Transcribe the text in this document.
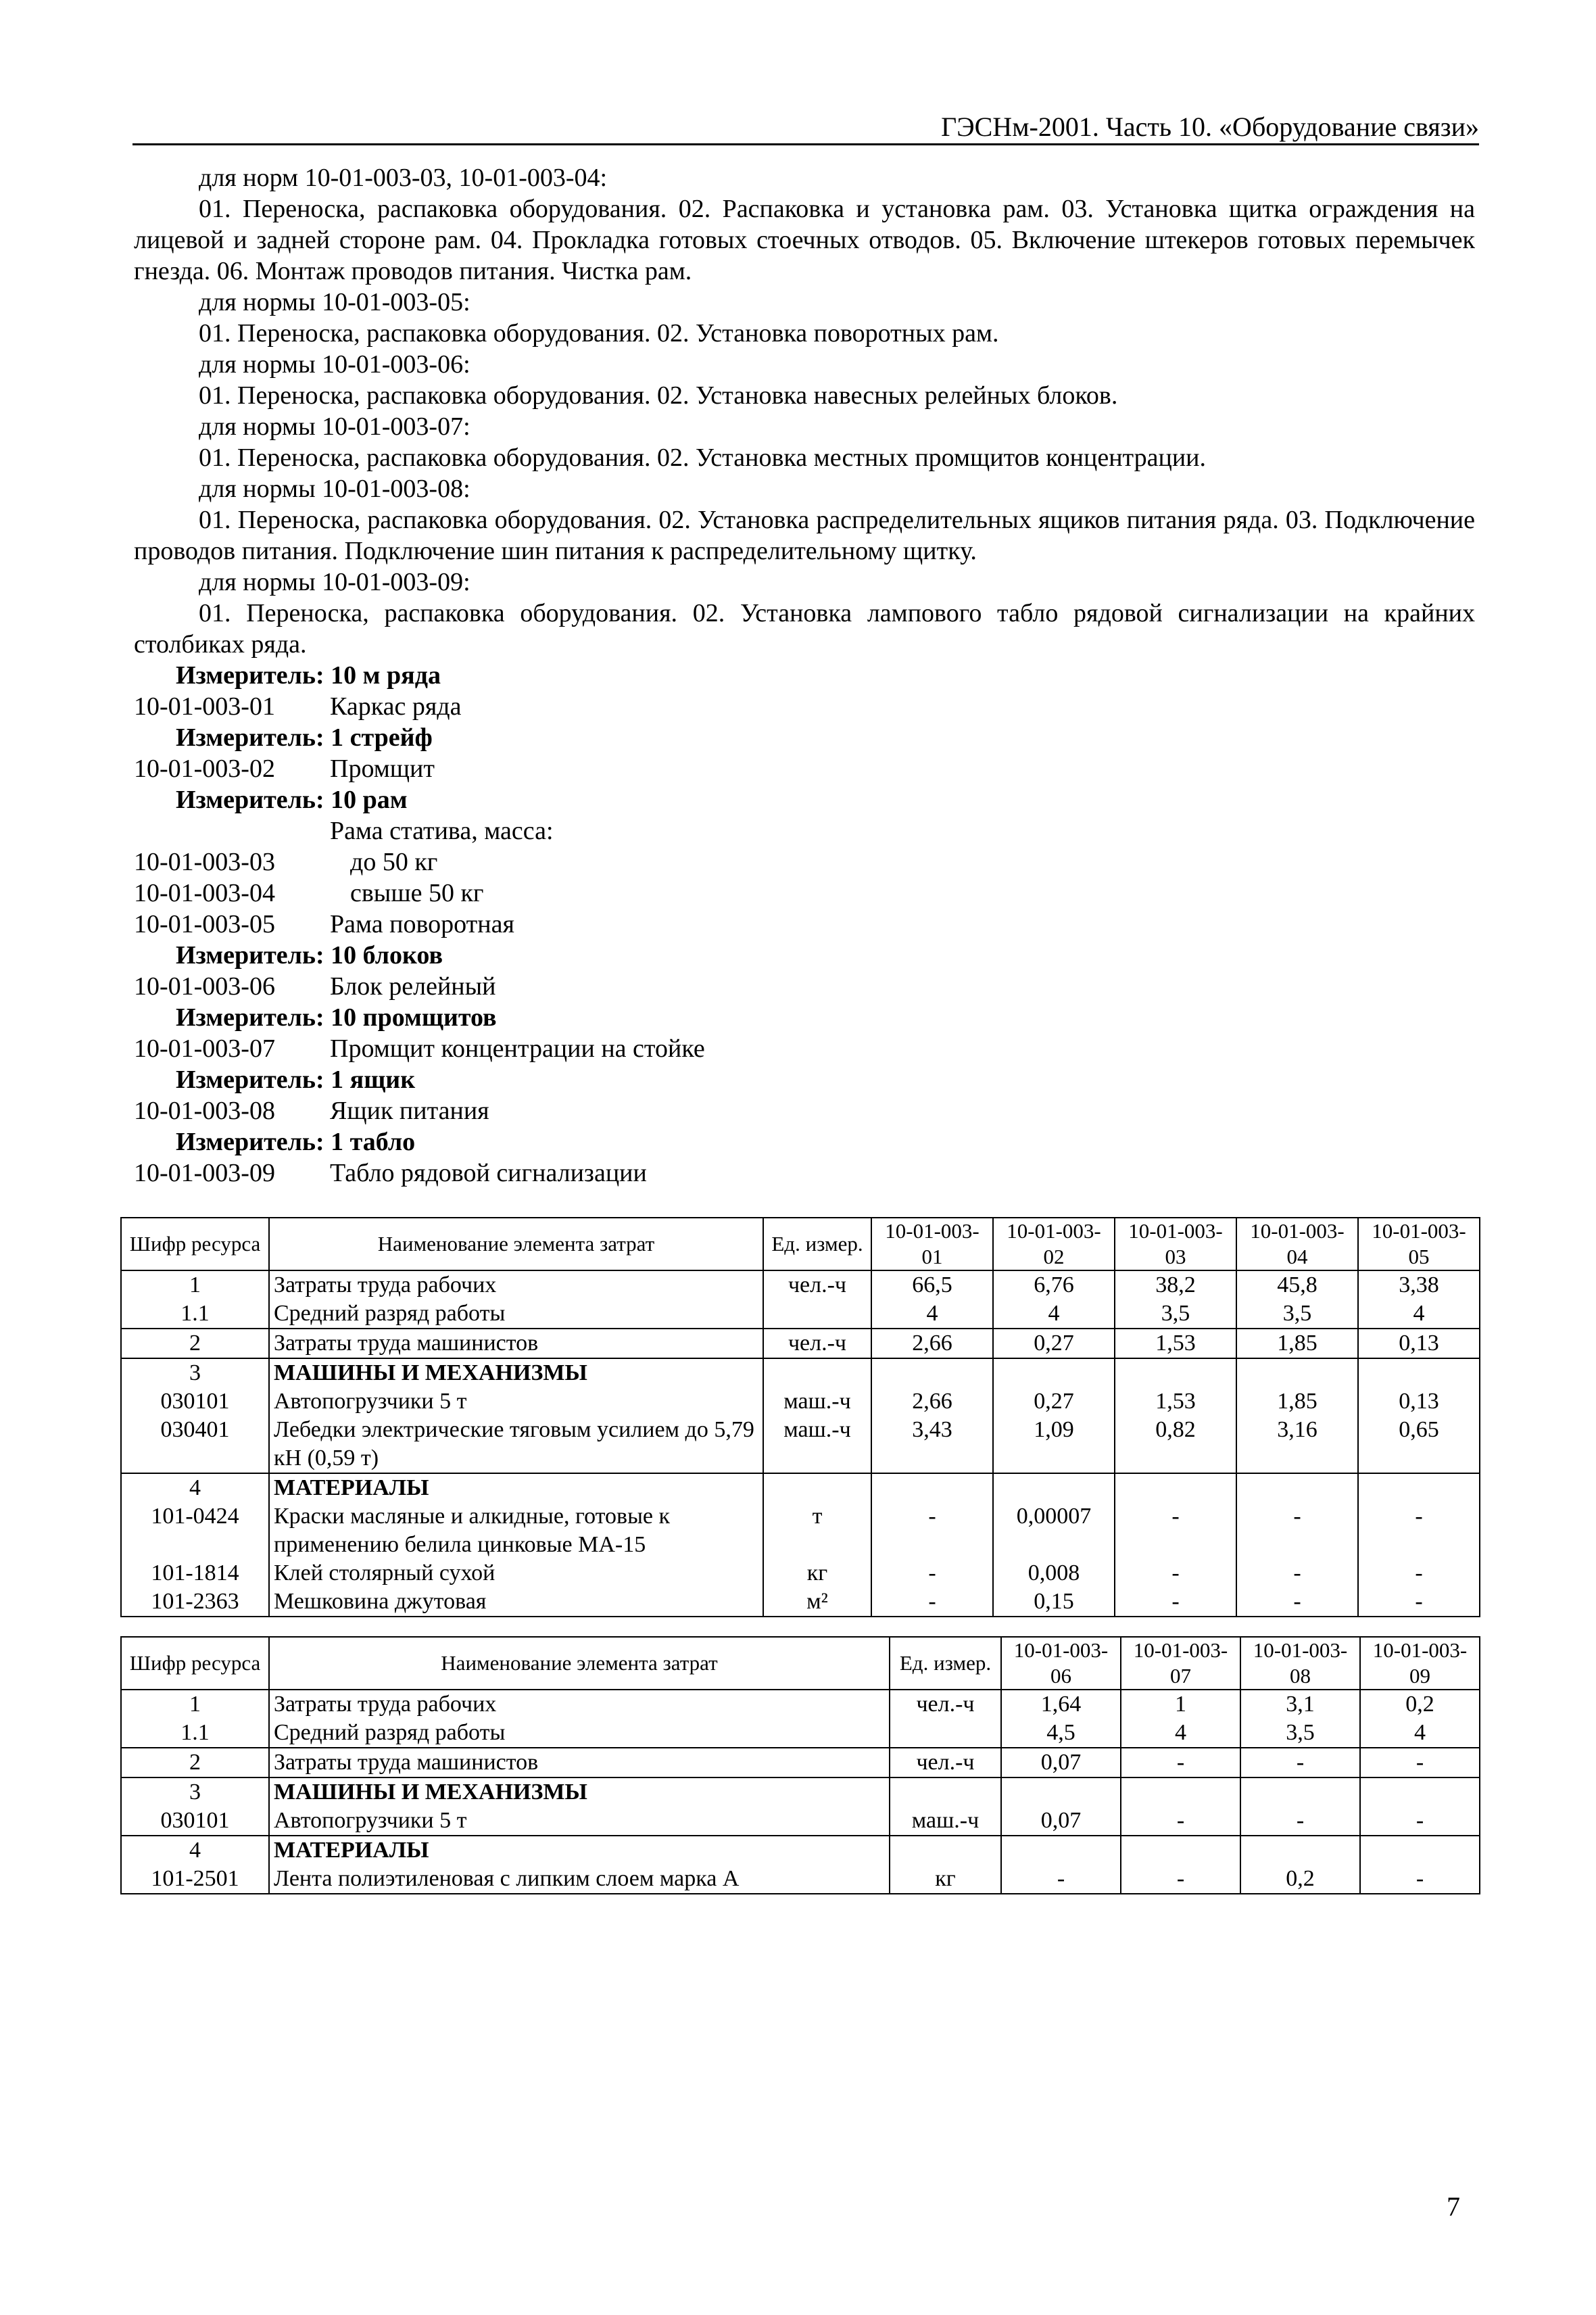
ГЭСНм-2001. Часть 10. «Оборудование связи»
для норм 10-01-003-03, 10-01-003-04:
01. Переноска, распаковка оборудования. 02. Распаковка и установка рам. 03. Установка щитка ограждения на лицевой и задней стороне рам. 04. Прокладка готовых стоечных отводов. 05. Включение штекеров готовых перемычек гнезда. 06. Монтаж проводов питания. Чистка рам.
для нормы 10-01-003-05:
01. Переноска, распаковка оборудования. 02. Установка поворотных рам.
для нормы 10-01-003-06:
01. Переноска, распаковка оборудования. 02. Установка навесных релейных блоков.
для нормы 10-01-003-07:
01. Переноска, распаковка оборудования. 02. Установка местных промщитов концентрации.
для нормы 10-01-003-08:
01. Переноска, распаковка оборудования. 02. Установка распределительных ящиков питания ряда. 03. Подключение проводов питания. Подключение шин питания к распределительному щитку.
для нормы 10-01-003-09:
01. Переноска, распаковка оборудования. 02. Установка лампового табло рядовой сигнализации на крайних столбиках ряда.
Измеритель: 10 м ряда
10-01-003-01	Каркас ряда
Измеритель: 1 стрейф
10-01-003-02	Промщит
Измеритель: 10 рам
Рама статива, масса:
10-01-003-03	до 50 кг
10-01-003-04	свыше 50 кг
10-01-003-05	Рама поворотная
Измеритель: 10 блоков
10-01-003-06	Блок релейный
Измеритель: 10 промщитов
10-01-003-07	Промщит концентрации на стойке
Измеритель: 1 ящик
10-01-003-08	Ящик питания
Измеритель: 1 табло
10-01-003-09	Табло рядовой сигнализации
Шифр ресурса	Наименование элемента затрат	Ед. измер.	10-01-003-01	10-01-003-02	10-01-003-03	10-01-003-04	10-01-003-05
1	Затраты труда рабочих	чел.-ч	66,5	6,76	38,2	45,8	3,38
1.1	Средний разряд работы		4	4	3,5	3,5	4
2	Затраты труда машинистов	чел.-ч	2,66	0,27	1,53	1,85	0,13
3	МАШИНЫ И МЕХАНИЗМЫ						
030101	Автопогрузчики 5 т	маш.-ч	2,66	0,27	1,53	1,85	0,13
030401	Лебедки электрические тяговым усилием до 5,79 кН (0,59 т)	маш.-ч	3,43	1,09	0,82	3,16	0,65
4	МАТЕРИАЛЫ						
101-0424	Краски масляные и алкидные, готовые к применению белила цинковые МА-15	т	-	0,00007	-	-	-
101-1814	Клей столярный сухой	кг	-	0,008	-	-	-
101-2363	Мешковина джутовая	м²	-	0,15	-	-	-
Шифр ресурса	Наименование элемента затрат	Ед. измер.	10-01-003-06	10-01-003-07	10-01-003-08	10-01-003-09
1	Затраты труда рабочих	чел.-ч	1,64	1	3,1	0,2
1.1	Средний разряд работы		4,5	4	3,5	4
2	Затраты труда машинистов	чел.-ч	0,07	-	-	-
3	МАШИНЫ И МЕХАНИЗМЫ					
030101	Автопогрузчики 5 т	маш.-ч	0,07	-	-	-
4	МАТЕРИАЛЫ					
101-2501	Лента полиэтиленовая с липким слоем марка А	кг	-	-	0,2	-
7
